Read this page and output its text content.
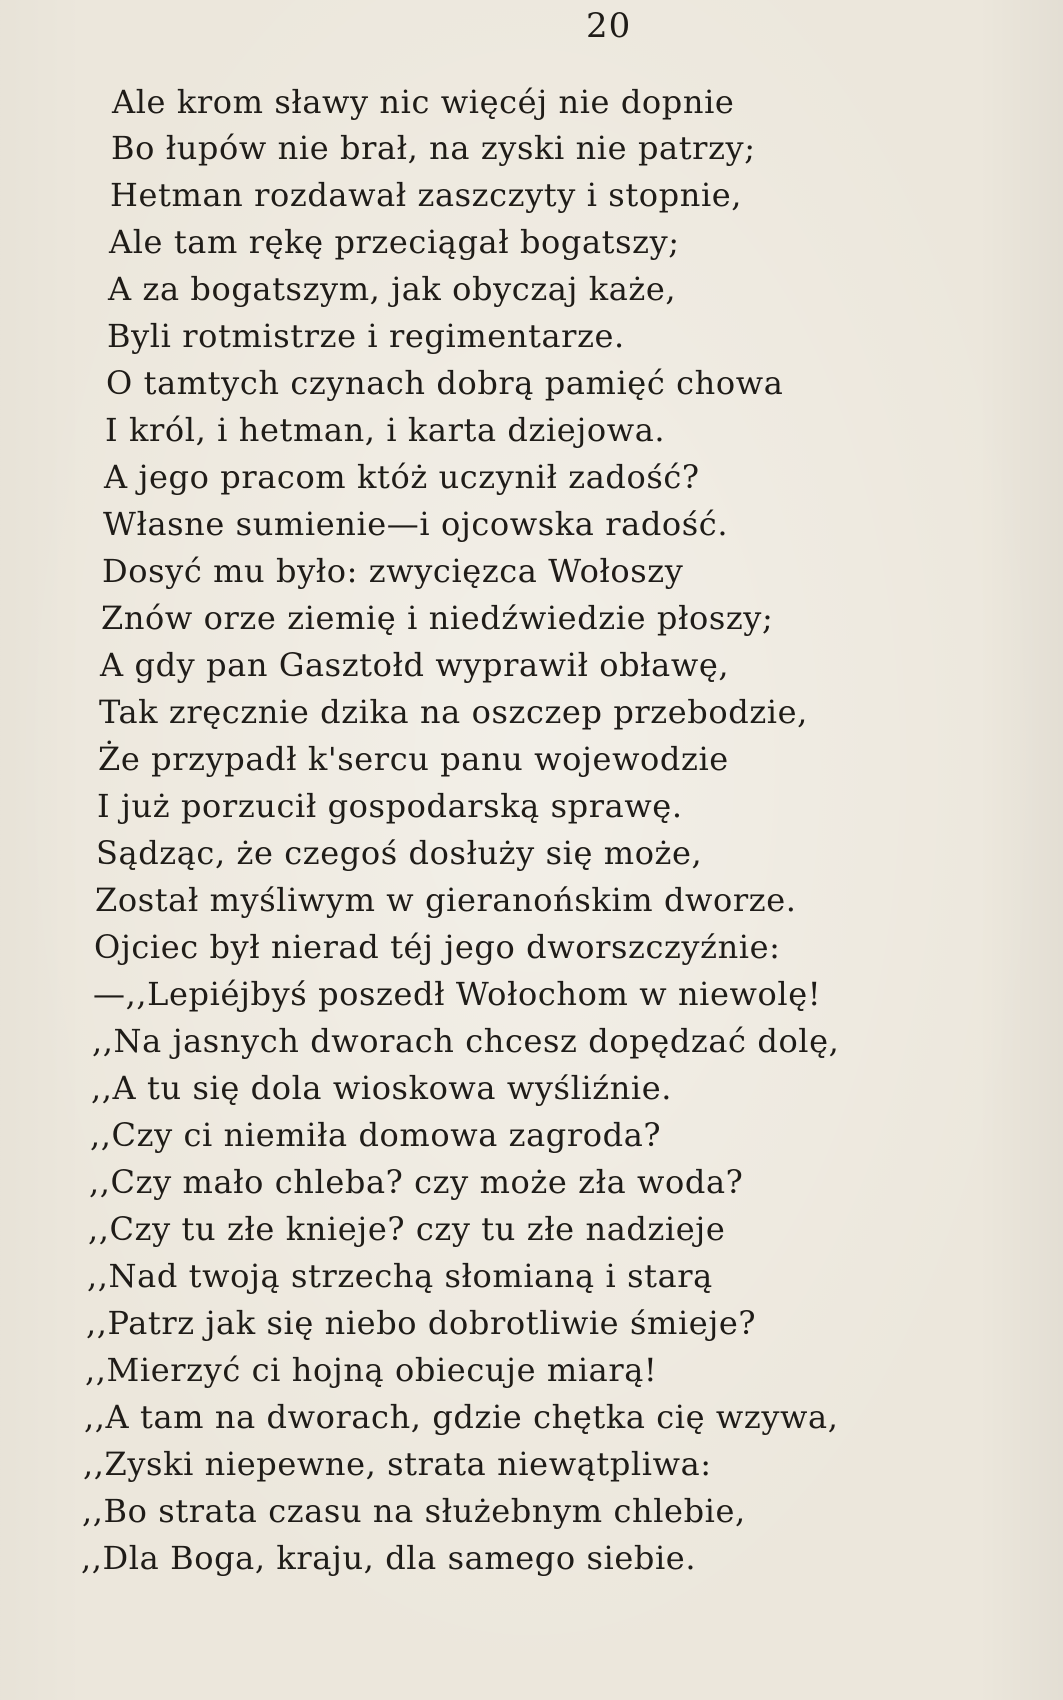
20
Ale krom sławy nic więcéj nie dopnie
Bo łupów nie brał, na zyski nie patrzy;
Hetman rozdawał zaszczyty i stopnie,
Ale tam rękę przeciągał bogatszy;
A za bogatszym, jak obyczaj każe,
Byli rotmistrze i regimentarze.
O tamtych czynach dobrą pamięć chowa
I król, i hetman, i karta dziejowa.
A jego pracom któż uczynił zadość?
Własne sumienie—i ojcowska radość.
Dosyć mu było: zwycięzca Wołoszy
Znów orze ziemię i niedźwiedzie płoszy;
A gdy pan Gasztołd wyprawił obławę,
Tak zręcznie dzika na oszczep przebodzie,
Że przypadł k'sercu panu wojewodzie
I już porzucił gospodarską sprawę.
Sądząc, że czegoś dosłuży się może,
Został myśliwym w gieranońskim dworze.
Ojciec był nierad téj jego dworszczyźnie:
—,,Lepiéjbyś poszedł Wołochom w niewolę!
,,Na jasnych dworach chcesz dopędzać dolę,
,,A tu się dola wioskowa wyśliźnie.
,,Czy ci niemiła domowa zagroda?
,,Czy mało chleba? czy może zła woda?
,,Czy tu złe knieje? czy tu złe nadzieje
,,Nad twoją strzechą słomianą i starą
,,Patrz jak się niebo dobrotliwie śmieje?
,,Mierzyć ci hojną obiecuje miarą!
,,A tam na dworach, gdzie chętka cię wzywa,
,,Zyski niepewne, strata niewątpliwa:
,,Bo strata czasu na służebnym chlebie,
,,Dla Boga, kraju, dla samego siebie.
